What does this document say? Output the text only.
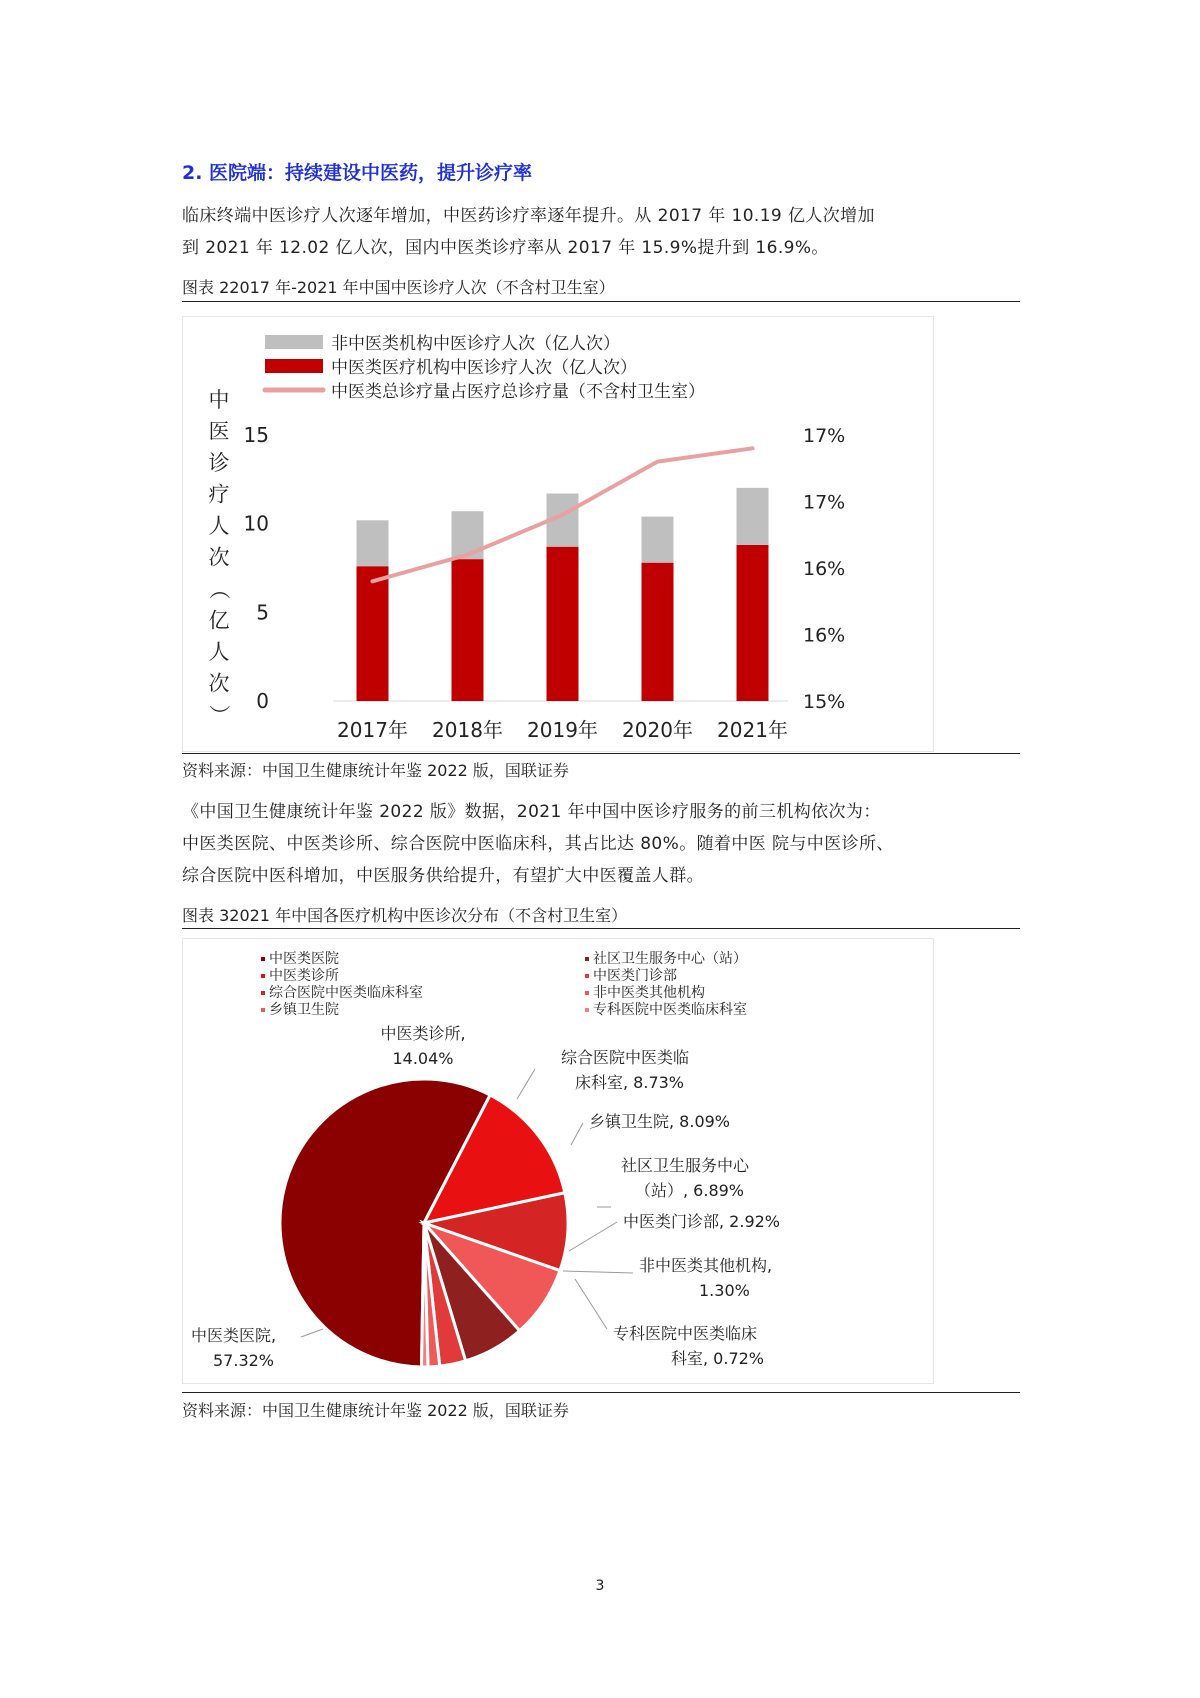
2. 医院端：持续建设中医药，提升诊疗率
临床终端中医诊疗人次逐年增加，中医药诊疗率逐年提升。从 2017 年 10.19 亿人次增加
到 2021 年 12.02 亿人次，国内中医类诊疗率从 2017 年 15.9%提升到 16.9%。
图表 22017 年-2021 年中国中医诊疗人次（不含村卫生室）
非中医类机构中医诊疗人次（亿人次）
中医类医疗机构中医诊疗人次（亿人次）
中医类总诊疗量占医疗总诊疗量（不含村卫生室）
中
医
诊
疗
人
次
（
亿
人
次
）
0
5
10
15
15%
16%
16%
17%
17%
2017年 2018年 2019年 2020年 2021年
资料来源：中国卫生健康统计年鉴 2022 版，国联证券
《中国卫生健康统计年鉴 2022 版》数据，2021 年中国中医诊疗服务的前三机构依次为：
中医类医院、中医类诊所、综合医院中医临床科，其占比达 80%。随着中医 院与中医诊所、
综合医院中医科增加，中医服务供给提升，有望扩大中医覆盖人群。
图表 32021 年中国各医疗机构中医诊次分布（不含村卫生室）
中医类医院
中医类诊所
综合医院中医类临床科室
乡镇卫生院
社区卫生服务中心（站）
中医类门诊部
非中医类其他机构
专科医院中医类临床科室
中医类医院,
57.32%
中医类诊所,
14.04%	综合医院中医类临
床科室, 8.73%
乡镇卫生院, 8.09%
社区卫生服务中心
（站）, 6.89%
中医类门诊部, 2.92%
非中医类其他机构,
1.30%
专科医院中医类临床
科室, 0.72%
资料来源：中国卫生健康统计年鉴 2022 版，国联证券
3
